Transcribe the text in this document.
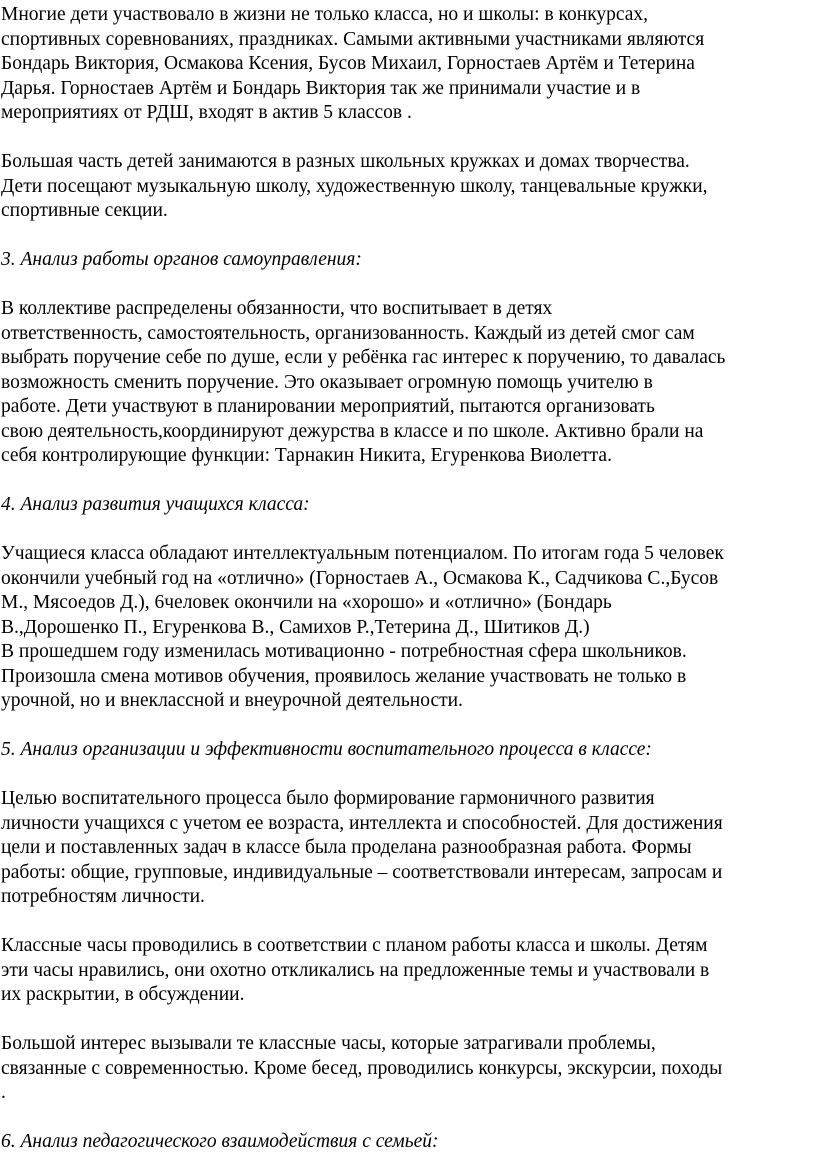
Многие дети участвовало в жизни не только класса, но и школы: в конкурсах,
спортивных соревнованиях, праздниках. Самыми активными участниками являются
Бондарь Виктория, Осмакова Ксения, Бусов Михаил, Горностаев Артём и Тетерина
Дарья. Горностаев Артём и Бондарь Виктория так же принимали участие и в
мероприятиях от РДШ, входят в актив 5 классов .
Большая часть детей занимаются в разных школьных кружках и домах творчества.
Дети посещают музыкальную школу, художественную школу, танцевальные кружки,
спортивные секции.
3. Анализ работы органов самоуправления:
В коллективе распределены обязанности, что воспитывает в детях
ответственность, самостоятельность, организованность. Каждый из детей смог сам
выбрать поручение себе по душе, если у ребёнка гас интерес к поручению, то давалась
возможность сменить поручение. Это оказывает огромную помощь учителю в
работе. Дети участвуют в планировании мероприятий, пытаются организовать
свою деятельность,координируют дежурства в классе и по школе. Активно брали на
себя контролирующие функции: Тарнакин Никита, Егуренкова Виолетта.
4. Анализ развития учащихся класса:
Учащиеся класса обладают интеллектуальным потенциалом. По итогам года 5 человек
окончили учебный год на «отлично» (Горностаев А., Осмакова К., Садчикова С.,Бусов
М., Мясоедов Д.), 6человек окончили на «хорошо» и «отлично» (Бондарь
В.,Дорошенко П., Егуренкова В., Самихов Р.,Тетерина Д., Шитиков Д.)
В прошедшем году изменилась мотивационно - потребностная сфера школьников.
Произошла смена мотивов обучения, проявилось желание участвовать не только в
урочной, но и внеклассной и внеурочной деятельности.
5. Анализ организации и эффективности воспитательного процесса в классе:
Целью воспитательного процесса было формирование гармоничного развития
личности учащихся с учетом ее возраста, интеллекта и способностей. Для достижения
цели и поставленных задач в классе была проделана разнообразная работа. Формы
работы: общие, групповые, индивидуальные – соответствовали интересам, запросам и
потребностям личности.
Классные часы проводились в соответствии с планом работы класса и школы. Детям
эти часы нравились, они охотно откликались на предложенные темы и участвовали в
их раскрытии, в обсуждении.
Большой интерес вызывали те классные часы, которые затрагивали проблемы,
связанные с современностью. Кроме бесед, проводились конкурсы, экскурсии, походы
.
6. Анализ педагогического взаимодействия с семьей:
